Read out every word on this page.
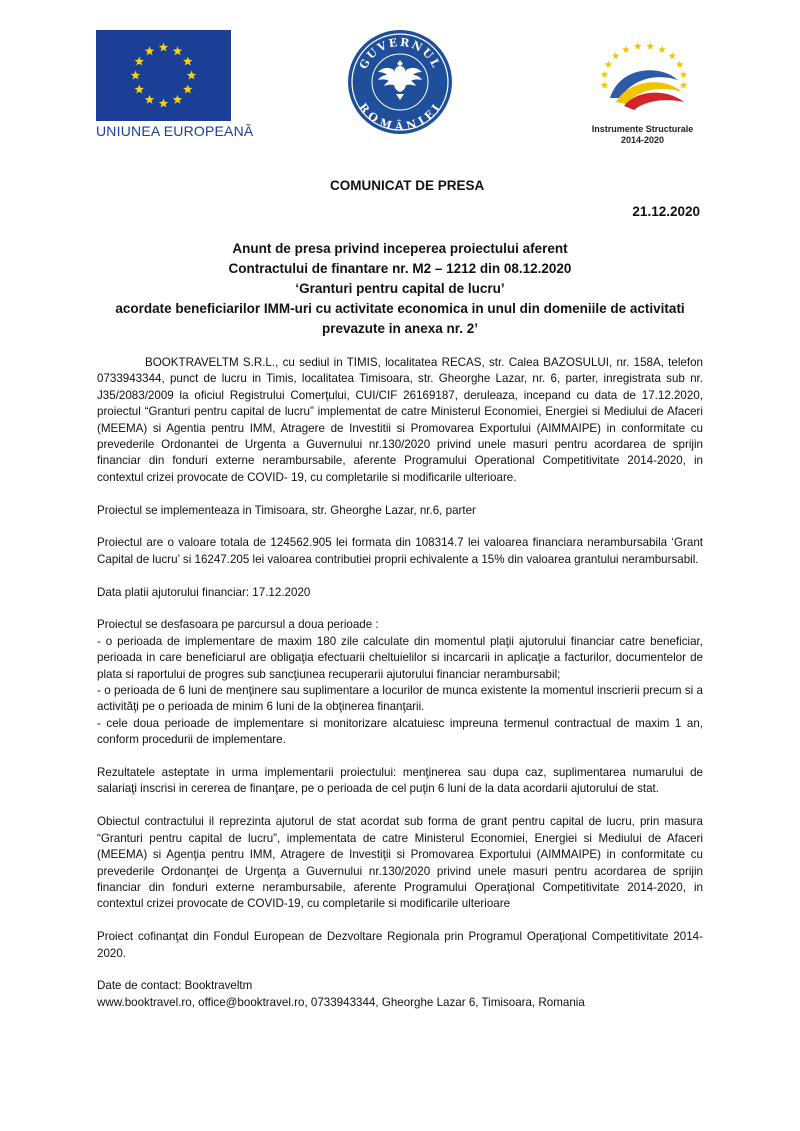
UNIUNEA EUROPEANĂ
GUVERNUL
ROMÂNIEI
Instrumente Structurale
2014-2020
COMUNICAT DE PRESA
21.12.2020
Anunt de presa privind inceperea proiectului aferent
Contractului de finantare nr. M2 – 1212 din 08.12.2020
‘Granturi pentru capital de lucru’
acordate beneficiarilor IMM-uri cu activitate economica in unul din domeniile de activitati
prevazute in anexa nr. 2’

BOOKTRAVELTM S.R.L., cu sediul in TIMIS, localitatea RECAS, str. Calea BAZOSULUI, nr. 158A, telefon 0733943344, punct de lucru in Timis, localitatea Timisoara, str. Gheorghe Lazar, nr. 6, parter, inregistrata sub nr. J35/2083/2009 la oficiul Registrului Comerţului, CUI/CIF 26169187, deruleaza, incepand cu data de 17.12.2020, proiectul “Granturi pentru capital de lucru” implementat de catre Ministerul Economiei, Energiei si Mediului de Afaceri (MEEMA) si Agentia pentru IMM, Atragere de Investitii si Promovarea Exportului (AIMMAIPE) in conformitate cu prevederile Ordonantei de Urgenta a Guvernului nr.130/2020 privind unele masuri pentru acordarea de sprijin financiar din fonduri externe nerambursabile, aferente Programului Operational Competitivitate 2014-2020, in contextul crizei provocate de COVID- 19, cu completarile si modificarile ulterioare.

Proiectul se implementeaza in Timisoara, str. Gheorghe Lazar, nr.6, parter

Proiectul are o valoare totala de 124562.905 lei formata din 108314.7 lei valoarea financiara nerambursabila ‘Grant Capital de lucru’ si 16247.205 lei valoarea contributiei proprii echivalente a 15% din valoarea grantului nerambursabil.

Data platii ajutorului financiar: 17.12.2020

Proiectul se desfasoara pe parcursul a doua perioade :
- o perioada de implementare de maxim 180 zile calculate din momentul plaţii ajutorului financiar catre beneficiar, perioada in care beneficiarul are obligaţia efectuarii cheltuielilor si incarcarii in aplicaţie a facturilor, documentelor de plata si raportului de progres sub sancţiunea recuperarii ajutorului financiar nerambursabil;
- o perioada de 6 luni de menţinere sau suplimentare a locurilor de munca existente la momentul inscrierii precum si a activităţi pe o perioada de minim 6 luni de la obţinerea finanţarii.
- cele doua perioade de implementare si monitorizare alcatuiesc impreuna termenul contractual de maxim 1 an, conform procedurii de implementare.

Rezultatele asteptate in urma implementarii proiectului: menţinerea sau dupa caz, suplimentarea numarului de salariaţi inscrisi in cererea de finanţare, pe o perioada de cel puţin 6 luni de la data acordarii ajutorului de stat.

Obiectul contractului il reprezinta ajutorul de stat acordat sub forma de grant pentru capital de lucru, prin masura “Granturi pentru capital de lucru”, implementata de catre Ministerul Economiei, Energiei si Mediului de Afaceri (MEEMA) si Agenţia pentru IMM, Atragere de Investiţii si Promovarea Exportului (AIMMAIPE) in conformitate cu prevederile Ordonanţei de Urgenţa a Guvernului nr.130/2020 privind unele masuri pentru acordarea de sprijin financiar din fonduri externe nerambursabile, aferente Programului Operaţional Competitivitate 2014-2020, in contextul crizei provocate de COVID-19, cu completarile si modificarile ulterioare

Proiect cofinanţat din Fondul European de Dezvoltare Regionala prin Programul Operaţional Competitivitate 2014-2020.

Date de contact: Booktraveltm
www.booktravel.ro, office@booktravel.ro, 0733943344, Gheorghe Lazar 6, Timisoara, Romania
